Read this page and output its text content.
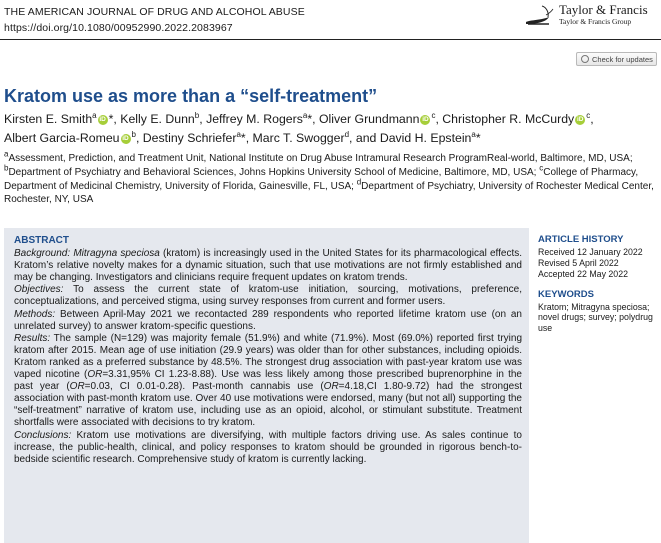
THE AMERICAN JOURNAL OF DRUG AND ALCOHOL ABUSE
https://doi.org/10.1080/00952990.2022.2083967
Taylor & Francis
Taylor & Francis Group
Check for updates
Kratom use as more than a “self-treatment”
Kirsten E. Smith$^a$ iD *, Kelly E. Dunn$^b$, Jeffrey M. Rogers$^a$*, Oliver Grundmann iD $^c$, Christopher R. McCurdy iD $^c$,
Albert Garcia-Romeu iD $^b$, Destiny Schriefer$^a$*, Marc T. Swogger$^d$, and David H. Epstein$^a$*
$^a$Assessment, Prediction, and Treatment Unit, National Institute on Drug Abuse Intramural Research ProgramReal-world, Baltimore, MD, USA; $^b$Department of Psychiatry and Behavioral Sciences, Johns Hopkins University School of Medicine, Baltimore, MD, USA; $^c$College of Pharmacy, Department of Medicinal Chemistry, University of Florida, Gainesville, FL, USA; $^d$Department of Psychiatry, University of Rochester Medical Center, Rochester, NY, USA
ABSTRACT

Background: Mitragyna speciosa (kratom) is increasingly used in the United States for its pharmacological effects. Kratom’s relative novelty makes for a dynamic situation, such that use motivations are not firmly established and may be changing. Investigators and clinicians require frequent updates on kratom trends.

Objectives: To assess the current state of kratom-use initiation, sourcing, motivations, preference, conceptualizations, and perceived stigma, using survey responses from current and former users.

Methods: Between April-May 2021 we recontacted 289 respondents who reported lifetime kratom use (on an unrelated survey) to answer kratom-specific questions.

Results: The sample (N=129) was majority female (51.9%) and white (71.9%). Most (69.0%) reported first trying kratom after 2015. Mean age of use initiation (29.9 years) was older than for other substances, including opioids. Kratom ranked as a preferred substance by 48.5%. The strongest drug association with past-year kratom use was vaped nicotine (OR=3.31,95% CI 1.23-8.88). Use was less likely among those prescribed buprenorphine in the past year (OR=0.03, CI 0.01-0.28). Past-month cannabis use (OR=4.18,CI 1.80-9.72) had the strongest association with past-month kratom use. Over 40 use motivations were endorsed, many (but not all) supporting the “self-treatment” narrative of kratom use, including use as an opioid, alcohol, or stimulant substitute. Treatment shortfalls were associated with decisions to try kratom.

Conclusions: Kratom use motivations are diversifying, with multiple factors driving use. As sales continue to increase, the public-health, clinical, and policy responses to kratom should be grounded in rigorous bench-to-bedside scientific research. Comprehensive study of kratom is currently lacking.

ARTICLE HISTORY
Received 12 January 2022
Revised 5 April 2022
Accepted 22 May 2022
KEYWORDS
Kratom; Mitragyna speciosa; novel drugs; survey; polydrug use
